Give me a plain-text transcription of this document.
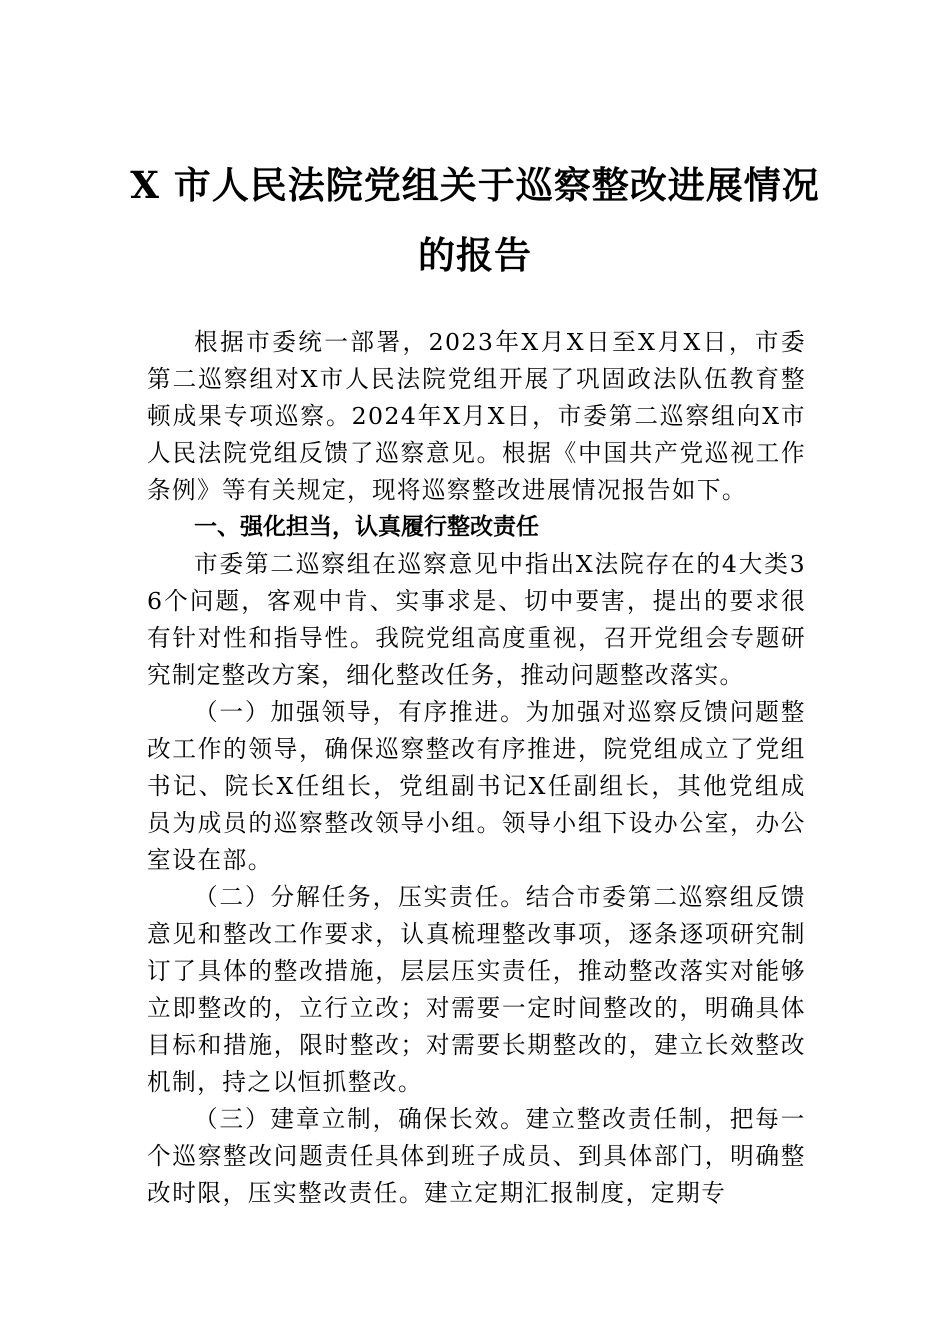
X 市人民法院党组关于巡察整改进展情况
的报告

根据市委统一部署，2023年X月X日至X月X日，市委第二巡察组对X市人民法院党组开展了巩固政法队伍教育整顿成果专项巡察。2024年X月X日，市委第二巡察组向X市人民法院党组反馈了巡察意见。根据《中国共产党巡视工作条例》等有关规定，现将巡察整改进展情况报告如下。

一、强化担当，认真履行整改责任

市委第二巡察组在巡察意见中指出X法院存在的4大类36个问题，客观中肯、实事求是、切中要害，提出的要求很有针对性和指导性。我院党组高度重视，召开党组会专题研究制定整改方案，细化整改任务，推动问题整改落实。

（一）加强领导，有序推进。为加强对巡察反馈问题整改工作的领导，确保巡察整改有序推进，院党组成立了党组书记、院长X任组长，党组副书记X任副组长，其他党组成员为成员的巡察整改领导小组。领导小组下设办公室，办公室设在部。

（二）分解任务，压实责任。结合市委第二巡察组反馈意见和整改工作要求，认真梳理整改事项，逐条逐项研究制订了具体的整改措施，层层压实责任，推动整改落实对能够立即整改的，立行立改；对需要一定时间整改的，明确具体目标和措施，限时整改；对需要长期整改的，建立长效整改机制，持之以恒抓整改。

（三）建章立制，确保长效。建立整改责任制，把每一个巡察整改问题责任具体到班子成员、到具体部门，明确整改时限，压实整改责任。建立定期汇报制度，定期专
